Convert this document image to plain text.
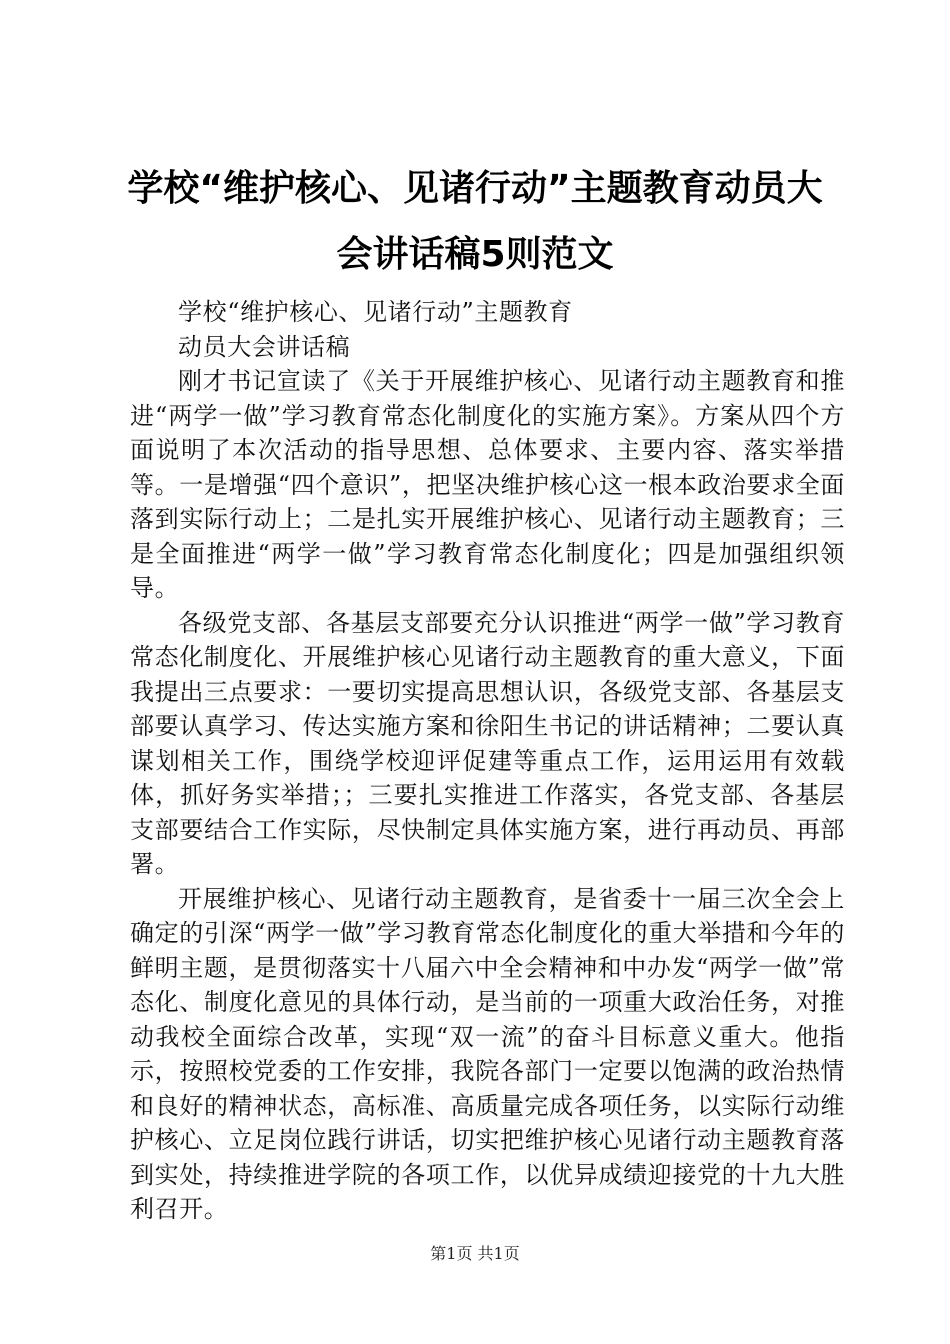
学校“维护核心、见诸行动”主题教育动员大
会讲话稿5则范文

学校“维护核心、见诸行动”主题教育

动员大会讲话稿

刚才书记宣读了《关于开展维护核心、见诸行动主题教育和推进“两学一做”学习教育常态化制度化的实施方案》。方案从四个方面说明了本次活动的指导思想、总体要求、主要内容、落实举措等。一是增强“四个意识”，把坚决维护核心这一根本政治要求全面落到实际行动上；二是扎实开展维护核心、见诸行动主题教育；三是全面推进“两学一做”学习教育常态化制度化；四是加强组织领导。

各级党支部、各基层支部要充分认识推进“两学一做”学习教育常态化制度化、开展维护核心见诸行动主题教育的重大意义，下面我提出三点要求：一要切实提高思想认识，各级党支部、各基层支部要认真学习、传达实施方案和徐阳生书记的讲话精神；二要认真谋划相关工作，围绕学校迎评促建等重点工作，运用运用有效载体，抓好务实举措；；三要扎实推进工作落实，各党支部、各基层支部要结合工作实际，尽快制定具体实施方案，进行再动员、再部署。

开展维护核心、见诸行动主题教育，是省委十一届三次全会上确定的引深“两学一做”学习教育常态化制度化的重大举措和今年的鲜明主题，是贯彻落实十八届六中全会精神和中办发“两学一做”常态化、制度化意见的具体行动，是当前的一项重大政治任务，对推动我校全面综合改革，实现“双一流”的奋斗目标意义重大。他指示，按照校党委的工作安排，我院各部门一定要以饱满的政治热情和良好的精神状态，高标准、高质量完成各项任务，以实际行动维护核心、立足岗位践行讲话，切实把维护核心见诸行动主题教育落到实处，持续推进学院的各项工作，以优异成绩迎接党的十九大胜利召开。

第1页 共1页
